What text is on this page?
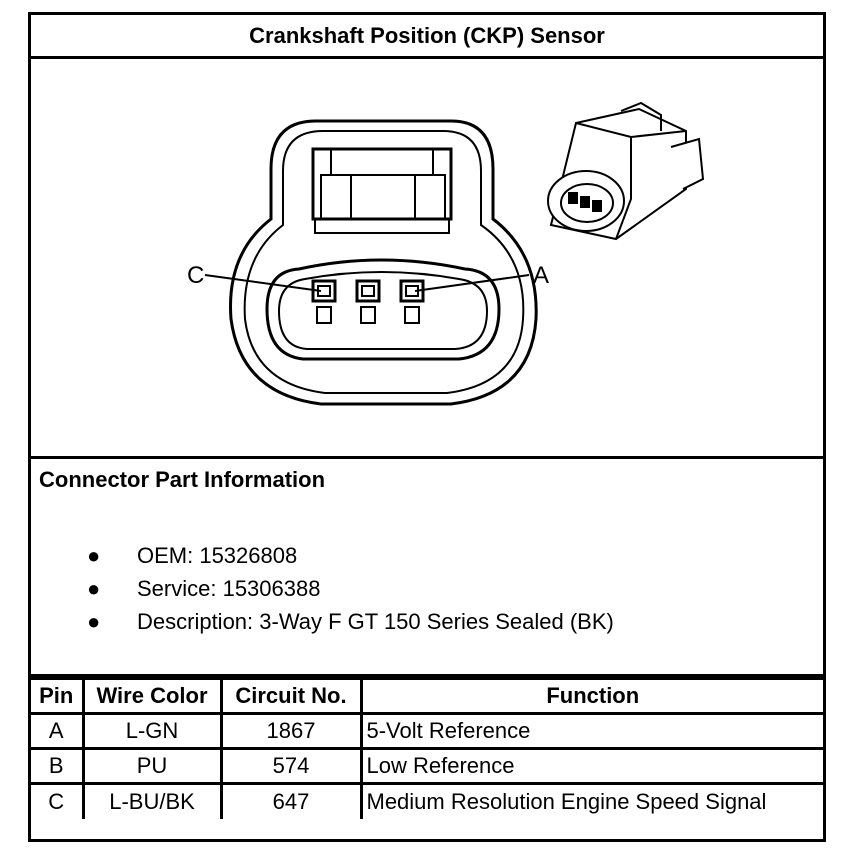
Crankshaft Position (CKP) Sensor
C	A
Connector Part Information
● OEM: 15326808
● Service: 15306388
● Description: 3-Way F GT 150 Series Sealed (BK)
Pin	Wire Color	Circuit No.	Function
A	L-GN	1867	5-Volt Reference
B	PU	574	Low Reference
C	L-BU/BK	647	Medium Resolution Engine Speed Signal
